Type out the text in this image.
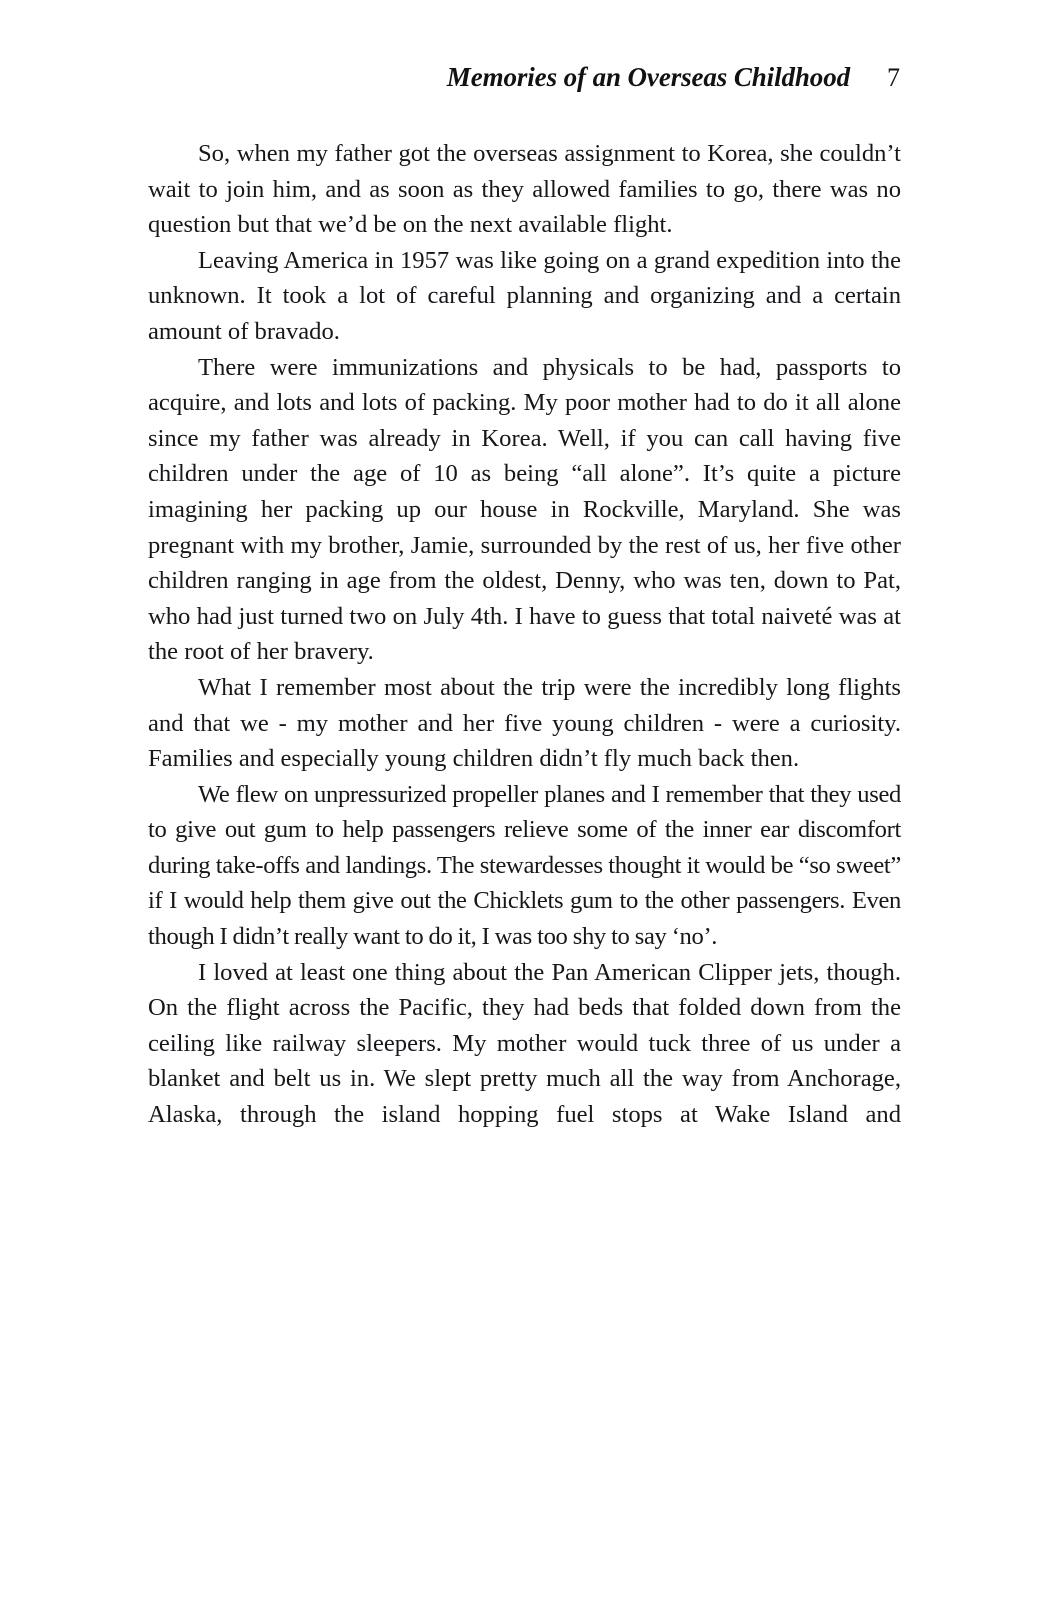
Memories of an Overseas Childhood 7

So, when my father got the overseas assignment to Korea, she couldn’t wait to join him, and as soon as they allowed families to go, there was no question but that we’d be on the next available flight.

Leaving America in 1957 was like going on a grand expedition into the unknown. It took a lot of careful planning and organizing and a certain amount of bravado.

There were immunizations and physicals to be had, passports to acquire, and lots and lots of packing. My poor mother had to do it all alone since my father was already in Korea. Well, if you can call having five children under the age of 10 as being “all alone”. It’s quite a picture imagining her packing up our house in Rockville, Maryland. She was pregnant with my brother, Jamie, surrounded by the rest of us, her five other children ranging in age from the oldest, Denny, who was ten, down to Pat, who had just turned two on July 4th. I have to guess that total naiveté was at the root of her bravery.

What I remember most about the trip were the incredibly long flights and that we - my mother and her five young children - were a curiosity. Families and especially young children didn’t fly much back then.

We flew on unpressurized propeller planes and I remember that they used to give out gum to help passengers relieve some of the inner ear discomfort during take-offs and landings. The stewardesses thought it would be “so sweet” if I would help them give out the Chicklets gum to the other passengers. Even though I didn’t really want to do it, I was too shy to say ‘no’.

I loved at least one thing about the Pan American Clipper jets, though. On the flight across the Pacific, they had beds that folded down from the ceiling like railway sleepers. My mother would tuck three of us under a blanket and belt us in. We slept pretty much all the way from Anchorage, Alaska, through the island hopping fuel stops at Wake Island and
